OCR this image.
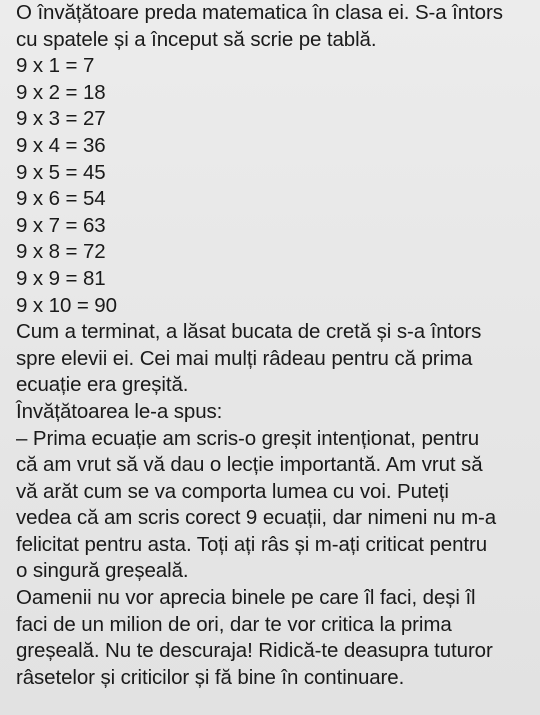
O învățătoare preda matematica în clasa ei. S-a întors
cu spatele și a început să scrie pe tablă.
9 x 1 = 7
9 x 2 = 18
9 x 3 = 27
9 x 4 = 36
9 x 5 = 45
9 x 6 = 54
9 x 7 = 63
9 x 8 = 72
9 x 9 = 81
9 x 10 = 90
Cum a terminat, a lăsat bucata de cretă și s-a întors
spre elevii ei. Cei mai mulți râdeau pentru că prima
ecuație era greșită.
Învățătoarea le-a spus:
– Prima ecuație am scris-o greșit intenționat, pentru
că am vrut să vă dau o lecție importantă. Am vrut să
vă arăt cum se va comporta lumea cu voi. Puteți
vedea că am scris corect 9 ecuații, dar nimeni nu m-a
felicitat pentru asta. Toți ați râs și m-ați criticat pentru
o singură greșeală.
Oamenii nu vor aprecia binele pe care îl faci, deși îl
faci de un milion de ori, dar te vor critica la prima
greșeală. Nu te descuraja! Ridică-te deasupra tuturor
râsetelor și criticilor și fă bine în continuare.
